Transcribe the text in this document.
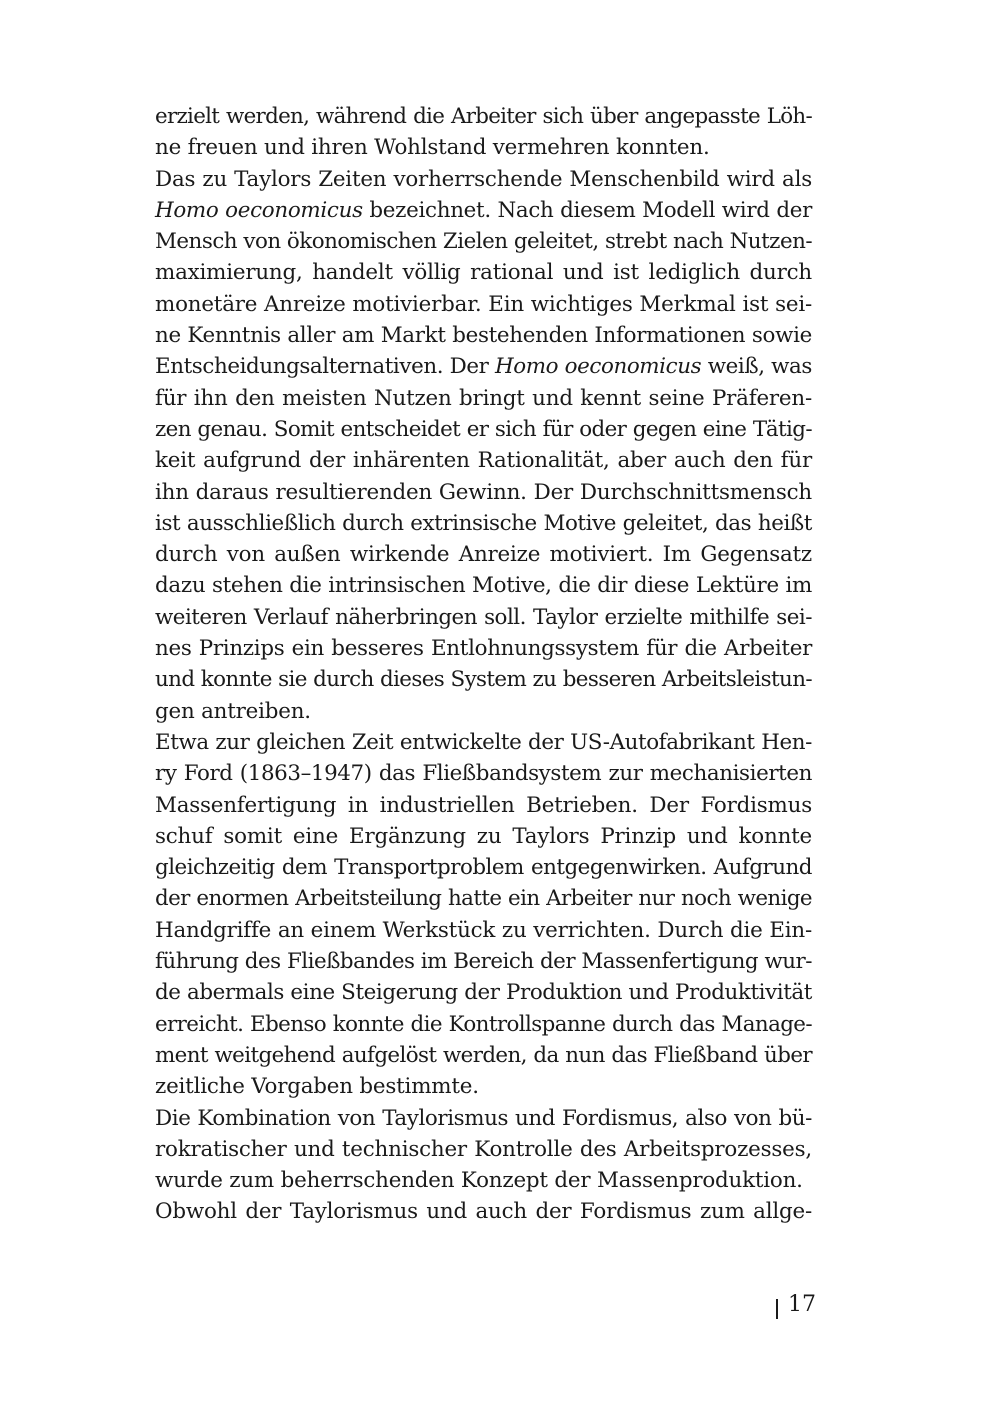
erzielt werden, während die Arbeiter sich über angepasste Löh-
ne freuen und ihren Wohlstand vermehren konnten.
Das zu Taylors Zeiten vorherrschende Menschenbild wird als
Homo oeconomicus bezeichnet. Nach diesem Modell wird der
Mensch von ökonomischen Zielen geleitet, strebt nach Nutzen-
maximierung, handelt völlig rational und ist lediglich durch
monetäre Anreize motivierbar. Ein wichtiges Merkmal ist sei-
ne Kenntnis aller am Markt bestehenden Informationen sowie
Entscheidungsalternativen. Der Homo oeconomicus weiß, was
für ihn den meisten Nutzen bringt und kennt seine Präferen-
zen genau. Somit entscheidet er sich für oder gegen eine Tätig-
keit aufgrund der inhärenten Rationalität, aber auch den für
ihn daraus resultierenden Gewinn. Der Durchschnittsmensch
ist ausschließlich durch extrinsische Motive geleitet, das heißt
durch von außen wirkende Anreize motiviert. Im Gegensatz
dazu stehen die intrinsischen Motive, die dir diese Lektüre im
weiteren Verlauf näherbringen soll. Taylor erzielte mithilfe sei-
nes Prinzips ein besseres Entlohnungssystem für die Arbeiter
und konnte sie durch dieses System zu besseren Arbeitsleistun-
gen antreiben.
Etwa zur gleichen Zeit entwickelte der US-Autofabrikant Hen-
ry Ford (1863–1947) das Fließbandsystem zur mechanisierten
Massenfertigung in industriellen Betrieben. Der Fordismus
schuf somit eine Ergänzung zu Taylors Prinzip und konnte
gleichzeitig dem Transportproblem entgegenwirken. Aufgrund
der enormen Arbeitsteilung hatte ein Arbeiter nur noch wenige
Handgriffe an einem Werkstück zu verrichten. Durch die Ein-
führung des Fließbandes im Bereich der Massenfertigung wur-
de abermals eine Steigerung der Produktion und Produktivität
erreicht. Ebenso konnte die Kontrollspanne durch das Manage-
ment weitgehend aufgelöst werden, da nun das Fließband über
zeitliche Vorgaben bestimmte.
Die Kombination von Taylorismus und Fordismus, also von bü-
rokratischer und technischer Kontrolle des Arbeitsprozesses,
wurde zum beherrschenden Konzept der Massenproduktion.
Obwohl der Taylorismus und auch der Fordismus zum allge-
17
